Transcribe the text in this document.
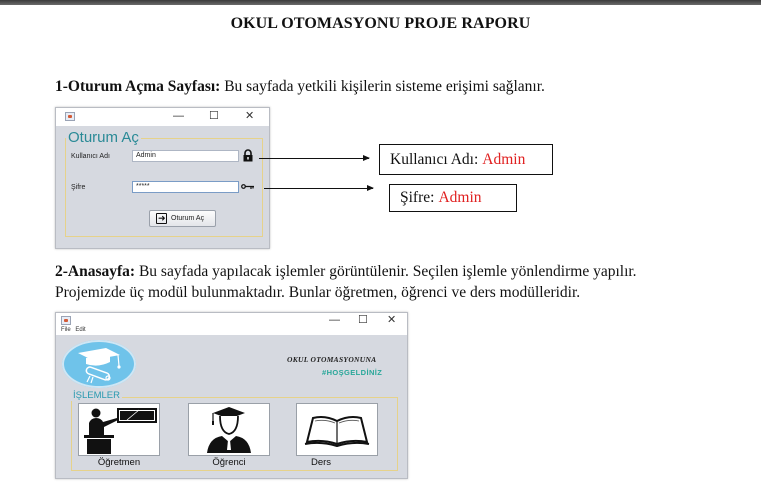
OKUL OTOMASYONU PROJE RAPORU
1-Oturum Açma Sayfası: Bu sayfada yetkili kişilerin sisteme erişimi sağlanır.
— ☐ ✕
Oturum Aç
Kullanıcı Adı	Admin
Şifre	*****
➜
Oturum Aç
Kullanıcı Adı: Admin
Şifre: Admin
2-Anasayfa: Bu sayfada yapılacak işlemler görüntülenir. Seçilen işlemle yönlendirme yapılır.
Projemizde üç modül bulunmaktadır. Bunlar öğretmen, öğrenci ve ders modülleridir.
— ☐ ✕
File Edit
OKUL OTOMASYONUNA
#HOŞGELDİNİZ
İŞLEMLER
Öğretmen	Öğrenci	Ders
